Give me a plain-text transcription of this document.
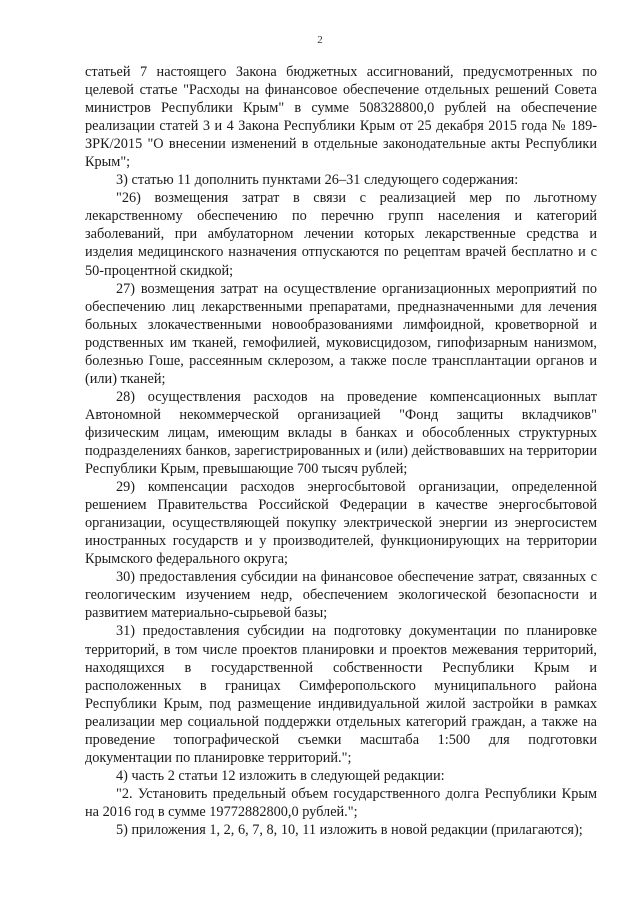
2

статьей 7 настоящего Закона бюджетных ассигнований, предусмотренных по целевой статье "Расходы на финансовое обеспечение отдельных решений Совета министров Республики Крым" в сумме 508328800,0 рублей на обеспечение реализации статей 3 и 4 Закона Республики Крым от 25 декабря 2015 года № 189-ЗРК/2015 "О внесении изменений в отдельные законодательные акты Республики Крым";

3) статью 11 дополнить пунктами 26–31 следующего содержания:

"26) возмещения затрат в связи с реализацией мер по льготному лекарственному обеспечению по перечню групп населения и категорий заболеваний, при амбулаторном лечении которых лекарственные средства и изделия медицинского назначения отпускаются по рецептам врачей бесплатно и с 50-процентной скидкой;

27) возмещения затрат на осуществление организационных мероприятий по обеспечению лиц лекарственными препаратами, предназначенными для лечения больных злокачественными новообразованиями лимфоидной, кроветворной и родственных им тканей, гемофилией, муковисцидозом, гипофизарным нанизмом, болезнью Гоше, рассеянным склерозом, а также после трансплантации органов и (или) тканей;

28) осуществления расходов на проведение компенсационных выплат Автономной некоммерческой организацией "Фонд защиты вкладчиков" физическим лицам, имеющим вклады в банках и обособленных структурных подразделениях банков, зарегистрированных и (или) действовавших на территории Республики Крым, превышающие 700 тысяч рублей;

29) компенсации расходов энергосбытовой организации, определенной решением Правительства Российской Федерации в качестве энергосбытовой организации, осуществляющей покупку электрической энергии из энергосистем иностранных государств и у производителей, функционирующих на территории Крымского федерального округа;

30) предоставления субсидии на финансовое обеспечение затрат, связанных с геологическим изучением недр, обеспечением экологической безопасности и развитием материально-сырьевой базы;

31) предоставления субсидии на подготовку документации по планировке территорий, в том числе проектов планировки и проектов межевания территорий, находящихся в государственной собственности Республики Крым и расположенных в границах Симферопольского муниципального района Республики Крым, под размещение индивидуальной жилой застройки в рамках реализации мер социальной поддержки отдельных категорий граждан, а также на проведение топографической съемки масштаба 1:500 для подготовки документации по планировке территорий.";

4) часть 2 статьи 12 изложить в следующей редакции:

"2. Установить предельный объем государственного долга Республики Крым на 2016 год в сумме 19772882800,0 рублей.";

5) приложения 1, 2, 6, 7, 8, 10, 11 изложить в новой редакции (прилагаются);
